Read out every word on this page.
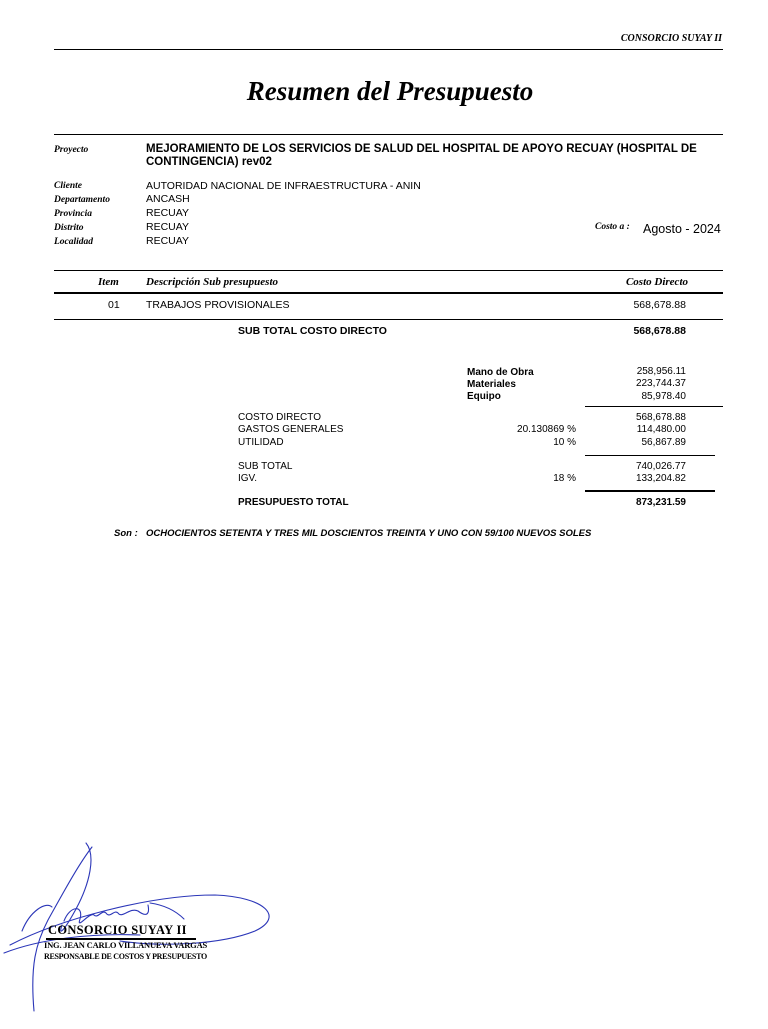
CONSORCIO SUYAY II
Resumen del Presupuesto
Proyecto	MEJORAMIENTO DE LOS SERVICIOS DE SALUD DEL HOSPITAL DE APOYO RECUAY (HOSPITAL DE CONTINGENCIA) rev02
Cliente	AUTORIDAD NACIONAL DE INFRAESTRUCTURA - ANIN
Departamento	ANCASH
Provincia	RECUAY
Distrito	RECUAY
Localidad	RECUAY
Costo a : Agosto - 2024
Item Descripción Sub presupuesto	Costo Directo
01	TRABAJOS PROVISIONALES	568,678.88
SUB TOTAL COSTO DIRECTO	568,678.88
Mano de Obra	258,956.11
Materiales	223,744.37
Equipo	85,978.40
COSTO DIRECTO	568,678.88
GASTOS GENERALES	20.130869 %	114,480.00
UTILIDAD	10 %	56,867.89
SUB TOTAL	740,026.77
IGV.	18 %	133,204.82
PRESUPUESTO TOTAL	873,231.59
Son : OCHOCIENTOS SETENTA Y TRES MIL DOSCIENTOS TREINTA Y UNO CON 59/100 NUEVOS SOLES
CONSORCIO SUYAY II
ING. JEAN CARLO VILLANUEVA VARGAS
RESPONSABLE DE COSTOS Y PRESUPUESTO
